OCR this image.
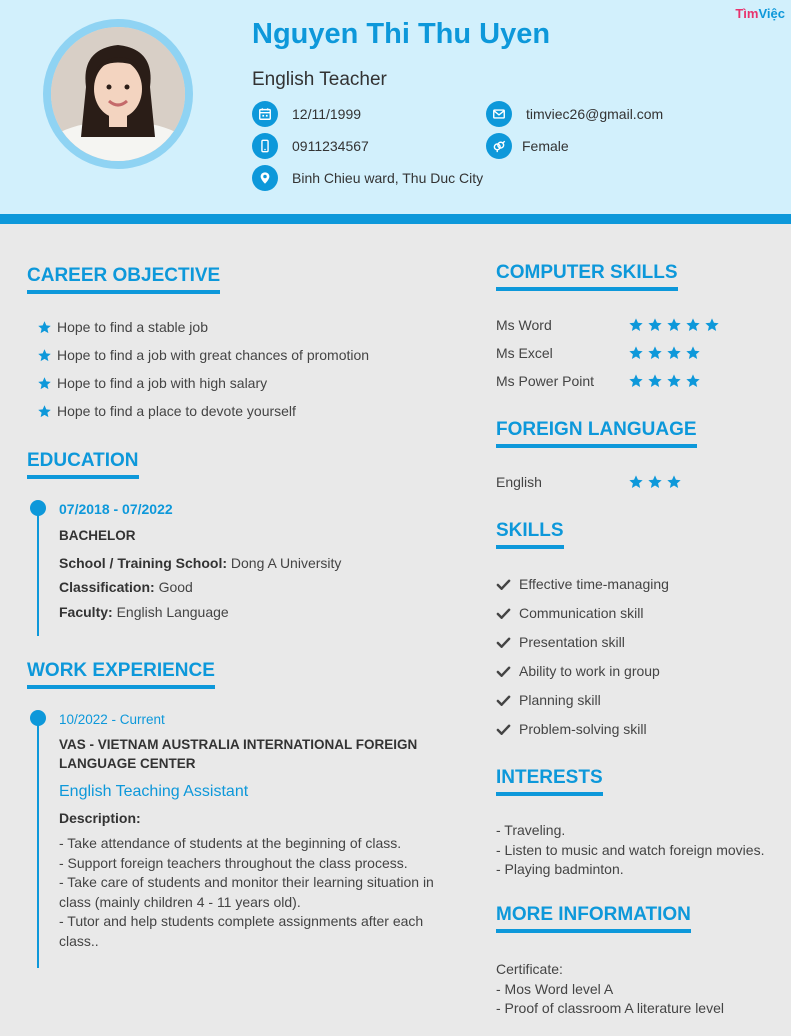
TìmViệc
Nguyen Thi Thu Uyen
English Teacher
12/11/1999
0911234567
Binh Chieu ward, Thu Duc City
timviec26@gmail.com
Female
CAREER OBJECTIVE
Hope to find a stable job
Hope to find a job with great chances of promotion
Hope to find a job with high salary
Hope to find a place to devote yourself
EDUCATION
07/2018 - 07/2022
BACHELOR
School / Training School: Dong A University
Classification: Good
Faculty: English Language
WORK EXPERIENCE
10/2022 - Current
VAS - VIETNAM AUSTRALIA INTERNATIONAL FOREIGN
LANGUAGE CENTER
English Teaching Assistant
Description:
- Take attendance of students at the beginning of class.
- Support foreign teachers throughout the class process.
- Take care of students and monitor their learning situation in
class (mainly children 4 - 11 years old).
- Tutor and help students complete assignments after each
class..
COMPUTER SKILLS
Ms Word
Ms Excel
Ms Power Point
FOREIGN LANGUAGE
English
SKILLS
Effective time-managing
Communication skill
Presentation skill
Ability to work in group
Planning skill
Problem-solving skill
INTERESTS
- Traveling.
- Listen to music and watch foreign movies.
- Playing badminton.
MORE INFORMATION
Certificate:
- Mos Word level A
- Proof of classroom A literature level
